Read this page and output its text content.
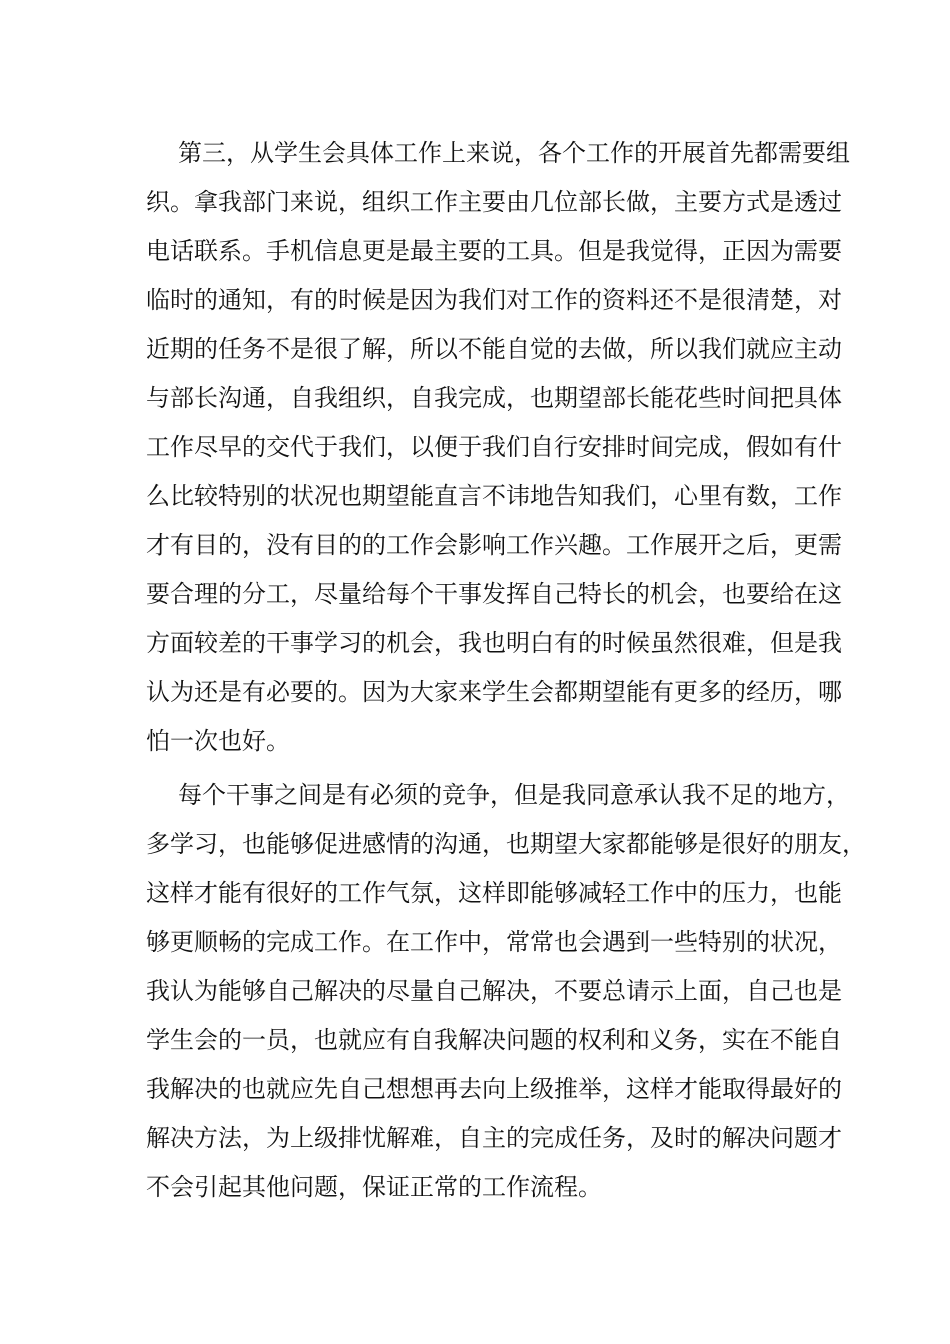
第三，从学生会具体工作上来说，各个工作的开展首先都需要组
织。拿我部门来说，组织工作主要由几位部长做，主要方式是透过
电话联系。手机信息更是最主要的工具。但是我觉得，正因为需要
临时的通知，有的时候是因为我们对工作的资料还不是很清楚，对
近期的任务不是很了解，所以不能自觉的去做，所以我们就应主动
与部长沟通，自我组织，自我完成，也期望部长能花些时间把具体
工作尽早的交代于我们，以便于我们自行安排时间完成，假如有什
么比较特别的状况也期望能直言不讳地告知我们，心里有数，工作
才有目的，没有目的的工作会影响工作兴趣。工作展开之后，更需
要合理的分工，尽量给每个干事发挥自己特长的机会，也要给在这
方面较差的干事学习的机会，我也明白有的时候虽然很难，但是我
认为还是有必要的。因为大家来学生会都期望能有更多的经历，哪
怕一次也好。
每个干事之间是有必须的竞争，但是我同意承认我不足的地方，
多学习，也能够促进感情的沟通，也期望大家都能够是很好的朋友，
这样才能有很好的工作气氛，这样即能够减轻工作中的压力，也能
够更顺畅的完成工作。在工作中，常常也会遇到一些特别的状况，
我认为能够自己解决的尽量自己解决，不要总请示上面，自己也是
学生会的一员，也就应有自我解决问题的权利和义务，实在不能自
我解决的也就应先自己想想再去向上级推举，这样才能取得最好的
解决方法，为上级排忧解难，自主的完成任务，及时的解决问题才
不会引起其他问题，保证正常的工作流程。
